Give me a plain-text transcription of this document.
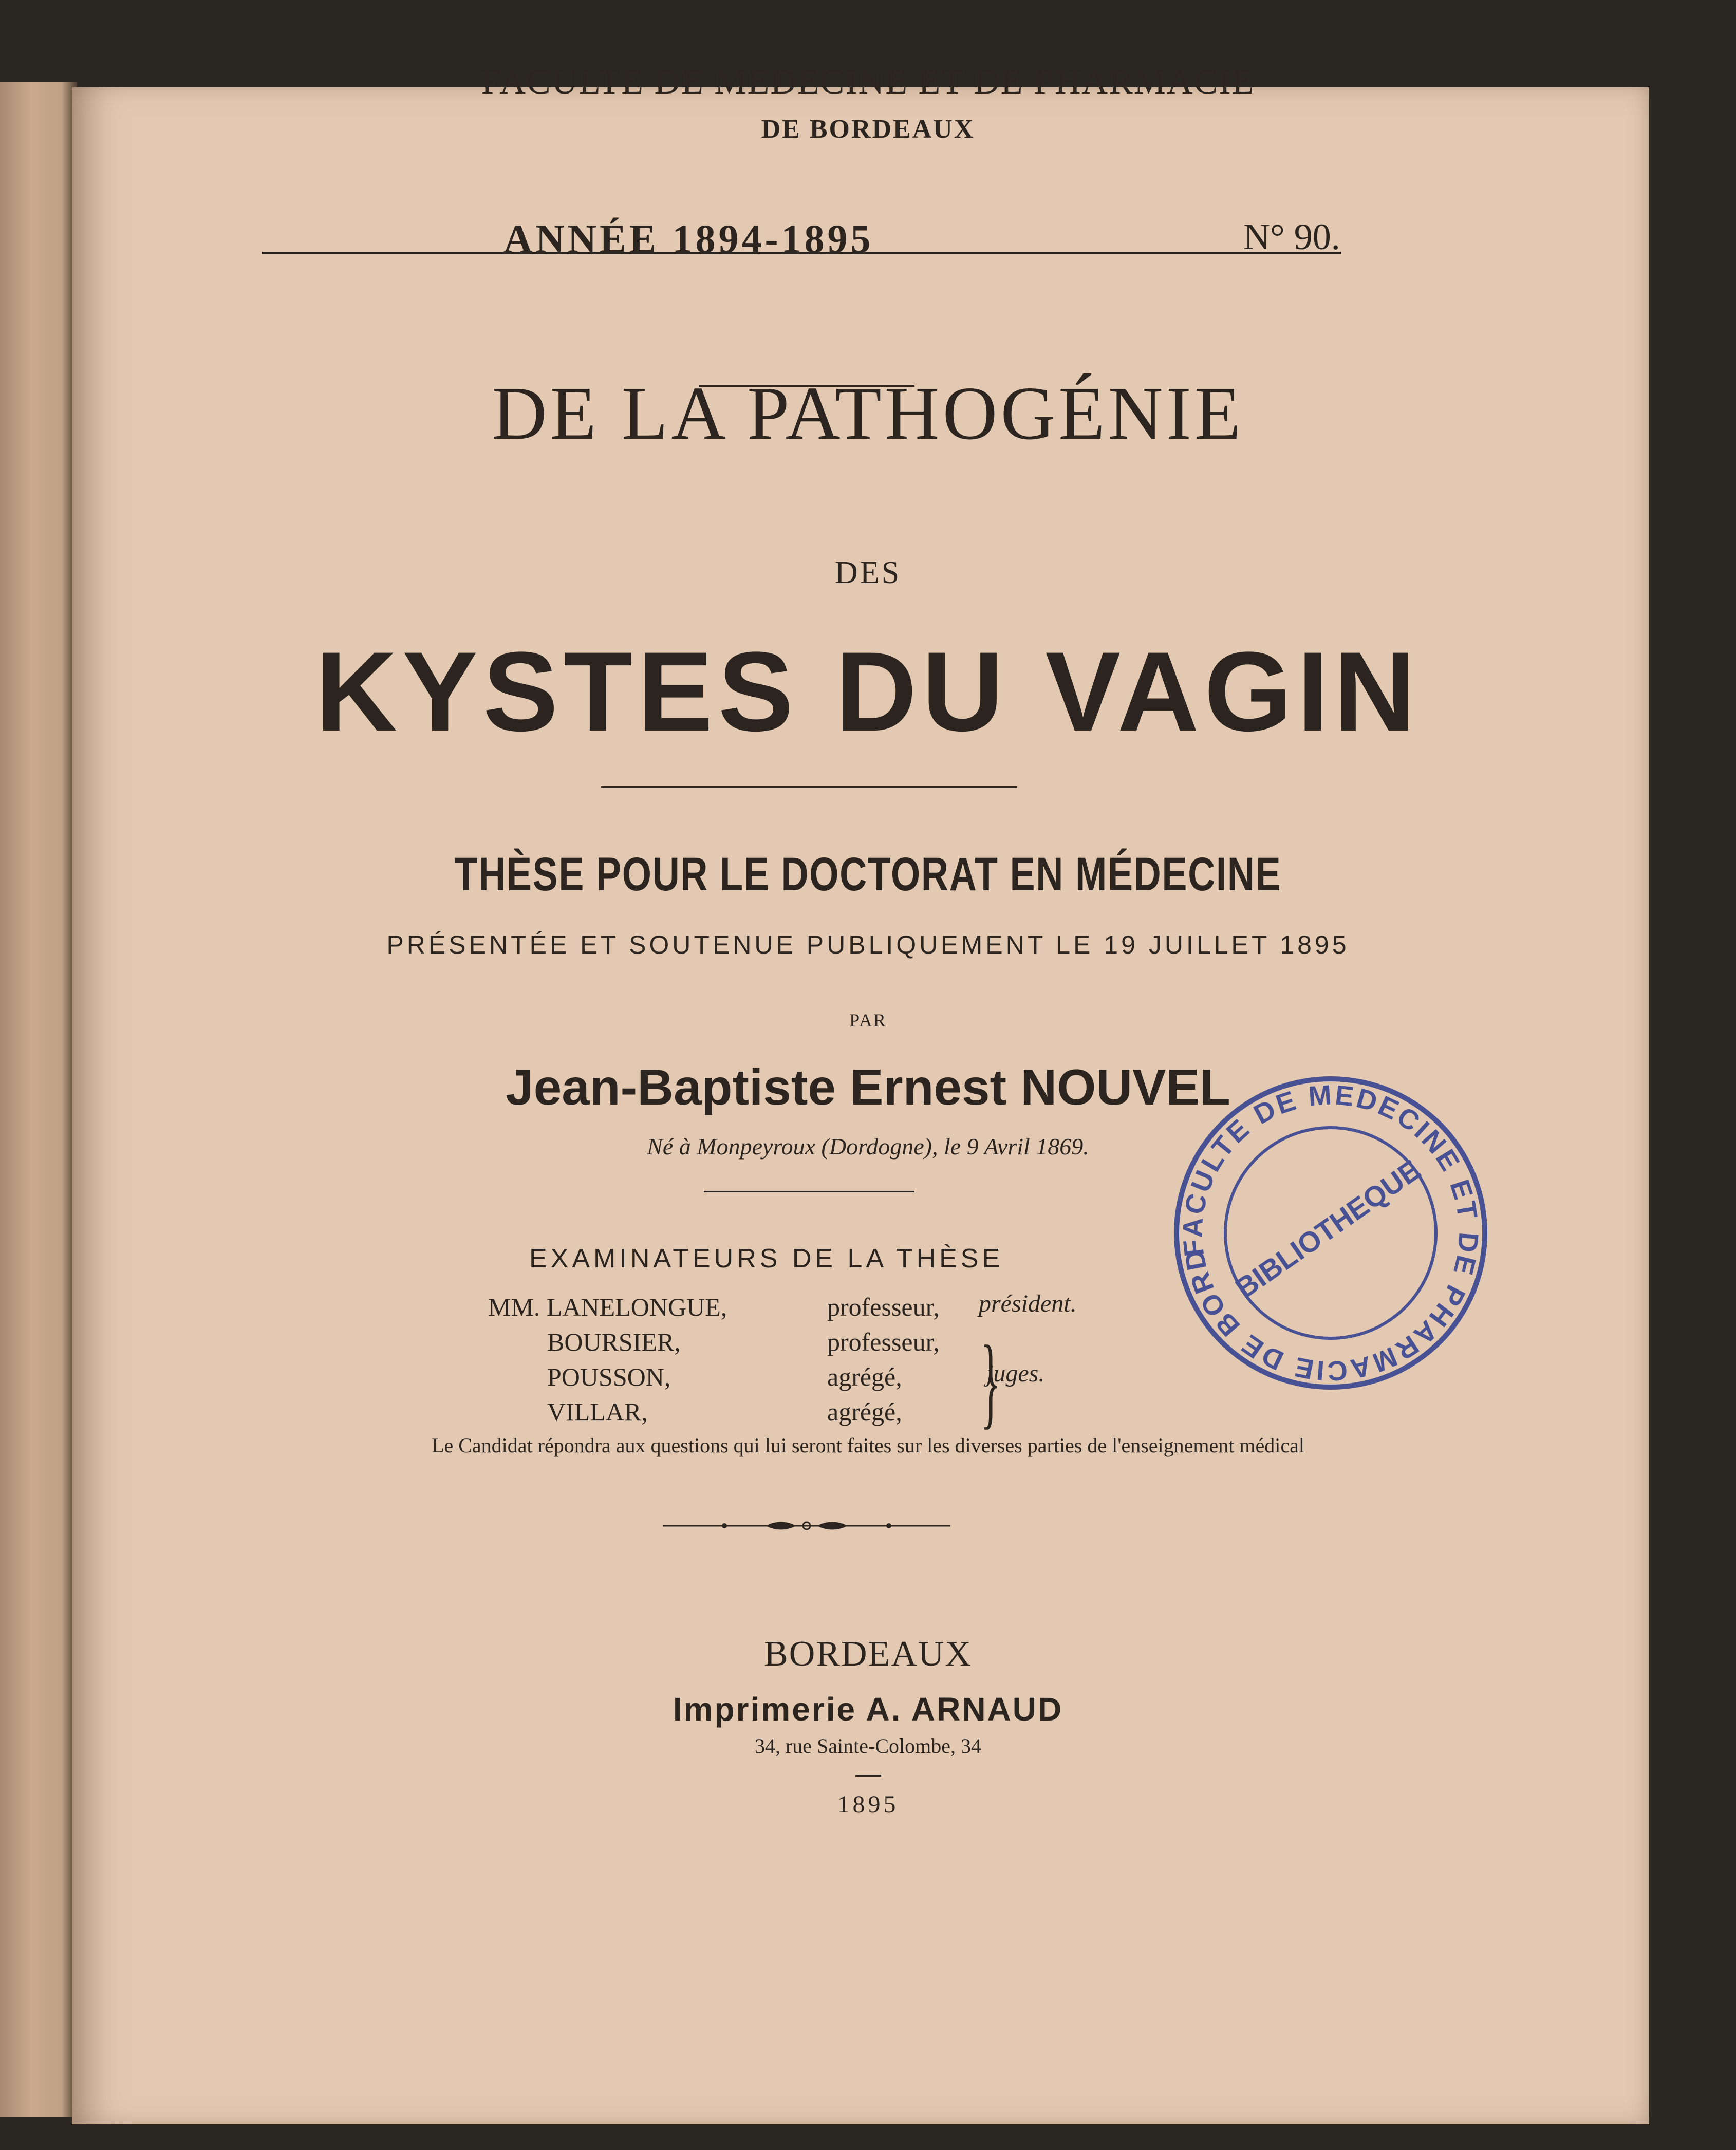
FACULTE DE MEDECINE ET DE PHARMACIE
DE BORDEAUX
ANNÉE 1894-1895	N° 90.
DE LA PATHOGÉNIE
DES
KYSTES DU VAGIN
THÈSE POUR LE DOCTORAT EN MÉDECINE
PRÉSENTÉE ET SOUTENUE PUBLIQUEMENT LE 19 JUILLET 1895
PAR
Jean-Baptiste Ernest NOUVEL
Né à Monpeyroux (Dordogne), le 9 Avril 1869.
EXAMINATEURS DE LA THÈSE
MM. LANELONGUE,
BOURSIER,
POUSSON,
VILLAR,
professeur,
professeur,
agrégé,
agrégé,
président.
}
juges.
Le Candidat répondra aux questions qui lui seront faites sur les diverses parties de l'enseignement médical
BORDEAUX
Imprimerie A. ARNAUD
34, rue Sainte-Colombe, 34
1895
FACULTE DE MEDECINE ET DE PHARMACIE DE BORDEAUX
BIBLIOTHEQUE
